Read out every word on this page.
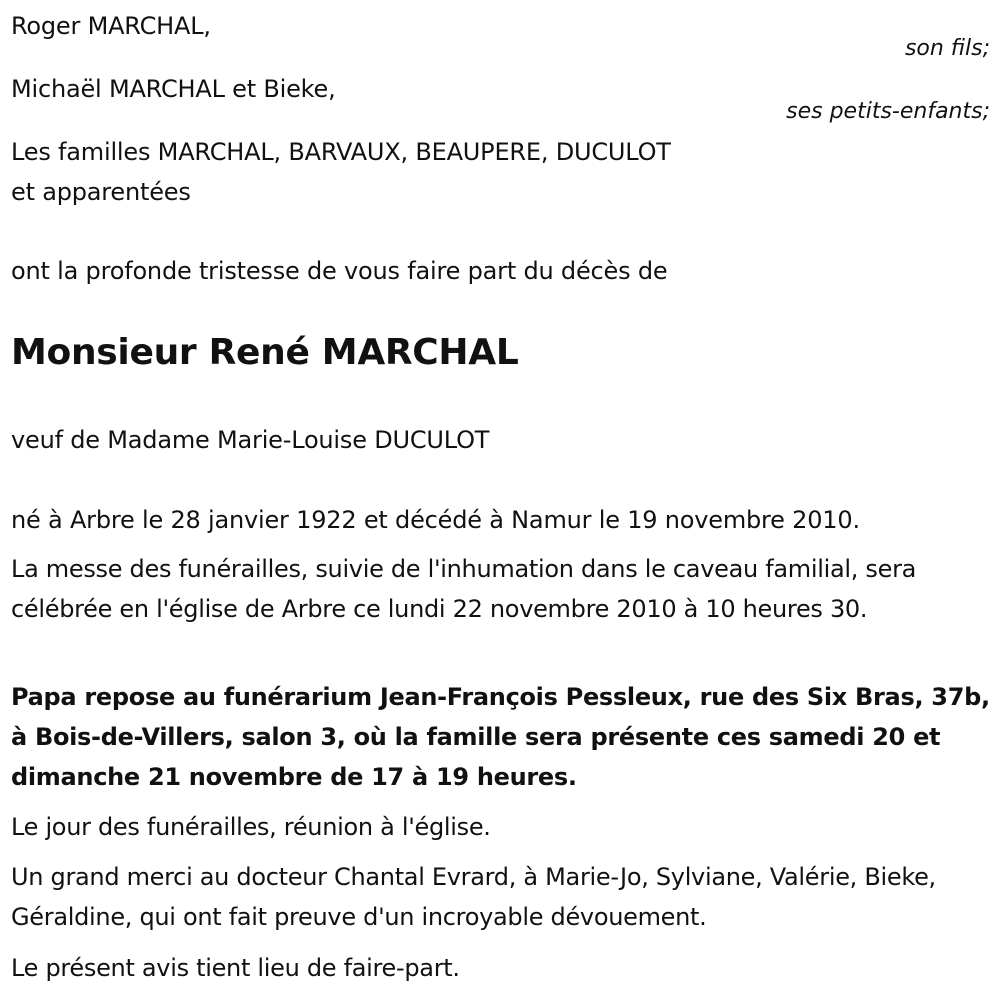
Roger MARCHAL,
son fils;
Michaël MARCHAL et Bieke,
ses petits-enfants;
Les familles MARCHAL, BARVAUX, BEAUPERE, DUCULOT
et apparentées
ont la profonde tristesse de vous faire part du décès de
Monsieur René MARCHAL
veuf de Madame Marie-Louise DUCULOT
né à Arbre le 28 janvier 1922 et décédé à Namur le 19 novembre 2010.
La messe des funérailles, suivie de l'inhumation dans le caveau familial, sera célébrée en l'église de Arbre ce lundi 22 novembre 2010 à 10 heures 30.
Papa repose au funérarium Jean-François Pessleux, rue des Six Bras, 37b, à Bois-de-Villers, salon 3, où la famille sera présente ces samedi 20 et dimanche 21 novembre de 17 à 19 heures.
Le jour des funérailles, réunion à l'église.
Un grand merci au docteur Chantal Evrard, à Marie-Jo, Sylviane, Valérie, Bieke, Géraldine, qui ont fait preuve d'un incroyable dévouement.
Le présent avis tient lieu de faire-part.
